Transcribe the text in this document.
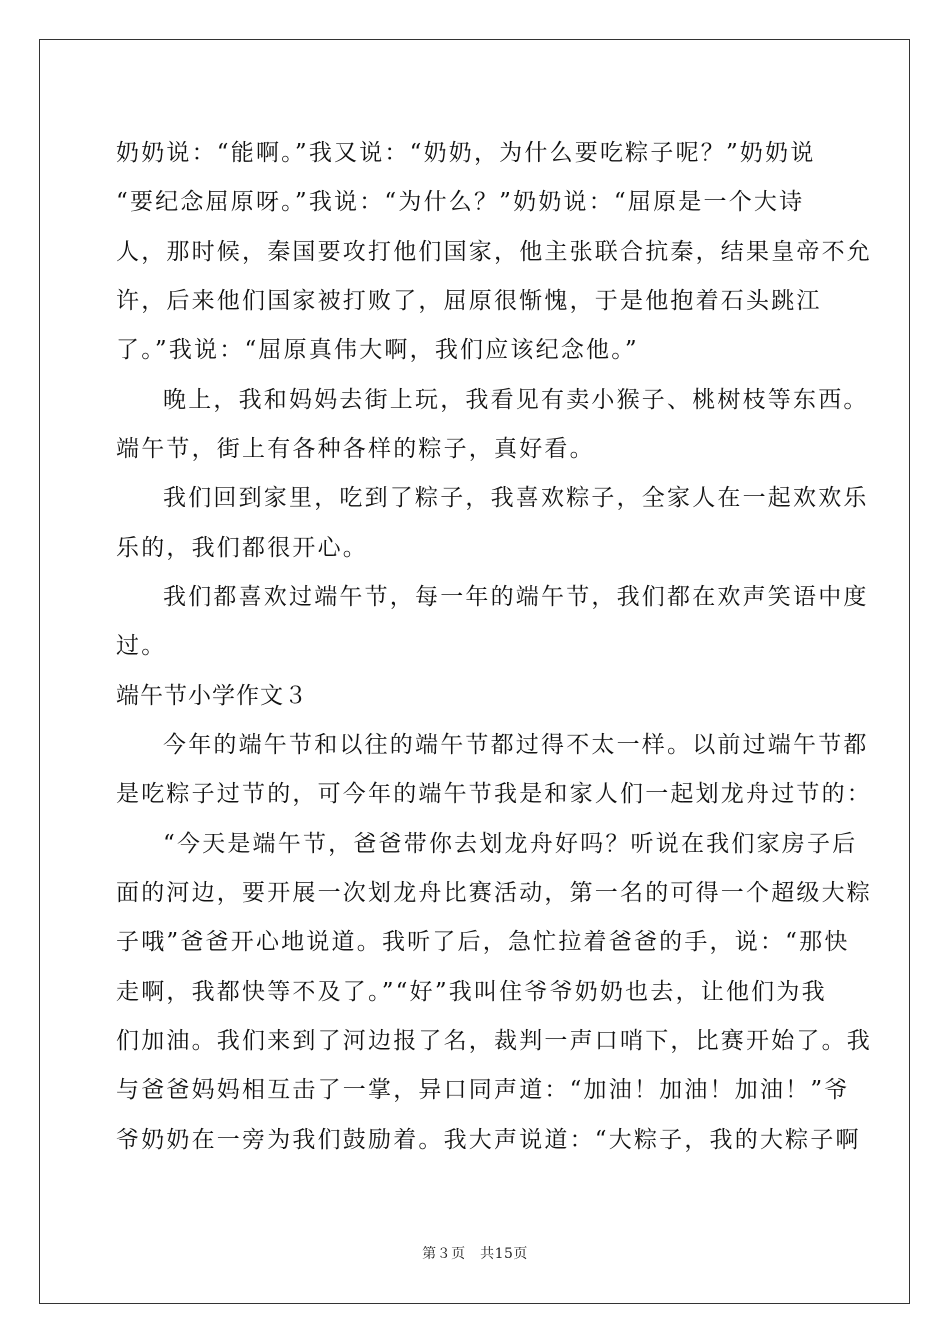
奶奶说：“能啊。”我又说：“奶奶，为什么要吃粽子呢？”奶奶说
“要纪念屈原呀。”我说：“为什么？”奶奶说：“屈原是一个大诗
人，那时候，秦国要攻打他们国家，他主张联合抗秦，结果皇帝不允
许，后来他们国家被打败了，屈原很惭愧，于是他抱着石头跳江
了。”我说：“屈原真伟大啊，我们应该纪念他。”
晚上，我和妈妈去街上玩，我看见有卖小猴子、桃树枝等东西。
端午节，街上有各种各样的粽子，真好看。
我们回到家里，吃到了粽子，我喜欢粽子，全家人在一起欢欢乐
乐的，我们都很开心。
我们都喜欢过端午节，每一年的端午节，我们都在欢声笑语中度
过。
端午节小学作文３
今年的端午节和以往的端午节都过得不太一样。以前过端午节都
是吃粽子过节的，可今年的端午节我是和家人们一起划龙舟过节的：
“今天是端午节，爸爸带你去划龙舟好吗？听说在我们家房子后
面的河边，要开展一次划龙舟比赛活动，第一名的可得一个超级大粽
子哦”爸爸开心地说道。我听了后，急忙拉着爸爸的手，说：“那快
走啊，我都快等不及了。”“好”我叫住爷爷奶奶也去，让他们为我
们加油。我们来到了河边报了名，裁判一声口哨下，比赛开始了。我
与爸爸妈妈相互击了一掌，异口同声道：“加油！加油！加油！”爷
爷奶奶在一旁为我们鼓励着。我大声说道：“大粽子，我的大粽子啊
第３页　共15页
